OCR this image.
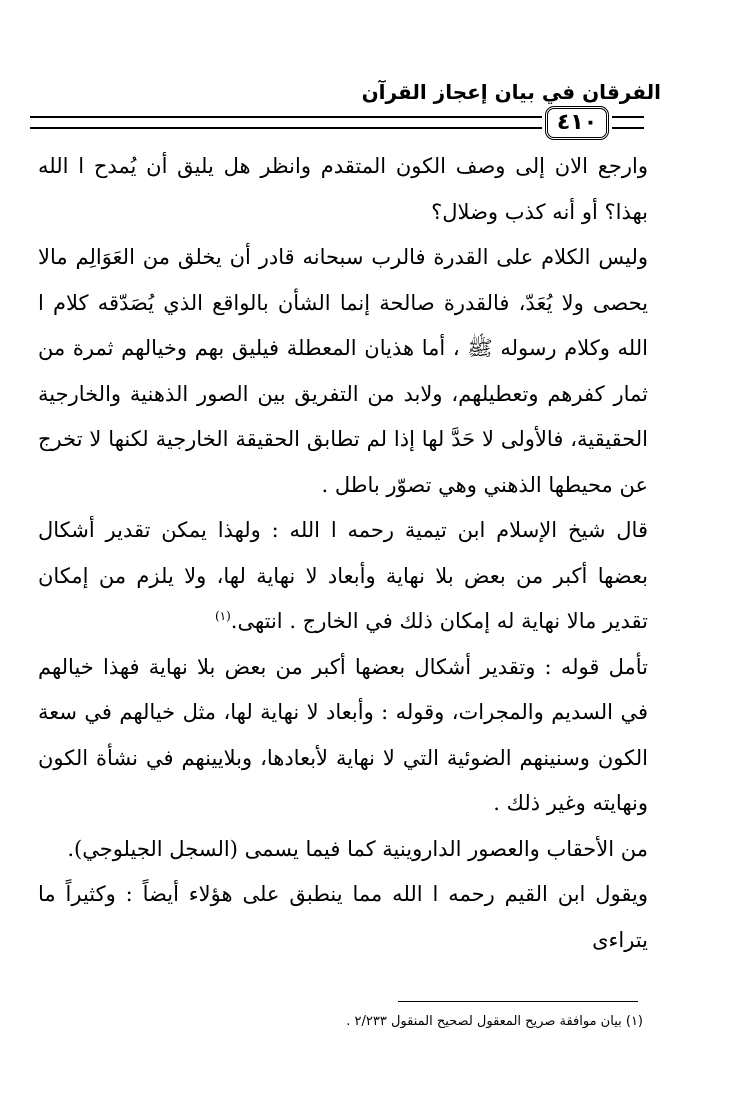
الفرقان في بيان إعجاز القرآن
٤١٠

وارجع الان إلى وصف الكون المتقدم وانظر هل يليق أن يُمدح ا الله بهذا؟ أو أنه كذب وضلال؟

وليس الكلام على القدرة فالرب سبحانه قادر أن يخلق من العَوَالِم مالا يحصى ولا يُعَدّ، فالقدرة صالحة إنما الشأن بالواقع الذي يُصَدّقه كلام ا الله وكلام رسوله ﷺ ، أما هذيان المعطلة فيليق بهم وخيالهم ثمرة من ثمار كفرهم وتعطيلهم، ولابد من التفريق بين الصور الذهنية والخارجية الحقيقية، فالأولى لا حَدَّ لها إذا لم تطابق الحقيقة الخارجية لكنها لا تخرج عن محيطها الذهني وهي تصوّر باطل .

قال شيخ الإسلام ابن تيمية رحمه ا الله : ولهذا يمكن تقدير أشكال بعضها أكبر من بعض بلا نهاية وأبعاد لا نهاية لها، ولا يلزم من إمكان تقدير مالا نهاية له إمكان ذلك في الخارج . انتهى.$^{(١)}$

تأمل قوله : وتقدير أشكال بعضها أكبر من بعض بلا نهاية فهذا خيالهم في السديم والمجرات، وقوله : وأبعاد لا نهاية لها، مثل خيالهم في سعة الكون وسنينهم الضوئية التي لا نهاية لأبعادها، وبلايينهم في نشأة الكون ونهايته وغير ذلك .

من الأحقاب والعصور الداروينية كما فيما يسمى (السجل الجيلوجي).

ويقول ابن القيم رحمه ا الله مما ينطبق على هؤلاء أيضاً : وكثيراً ما يتراءى

(١) بيان موافقة صريح المعقول لصحيح المنقول ٢/٢٣٣ .
